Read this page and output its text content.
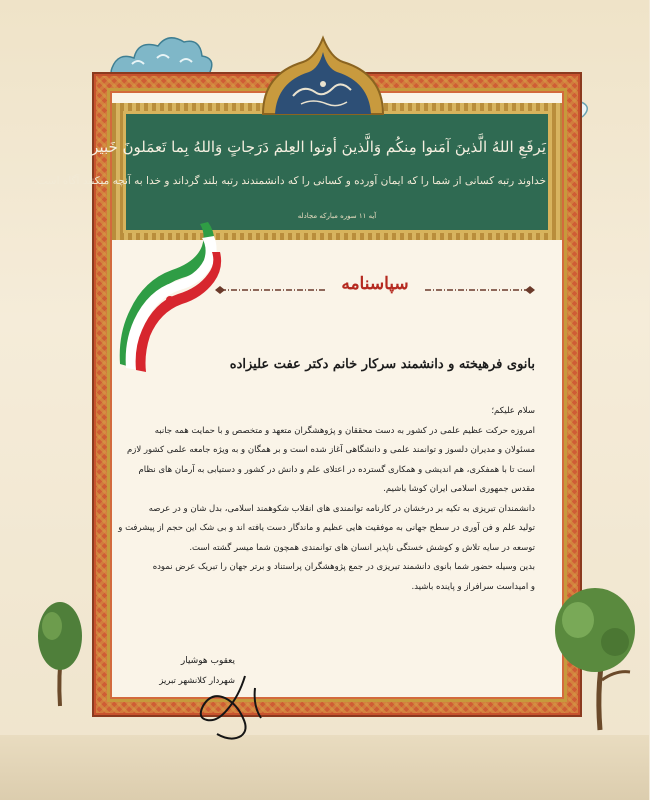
يَرفَعِ اللهُ الَّذينَ آمَنوا مِنكُم وَالَّذينَ أوتوا العِلمَ دَرَجاتٍ وَاللهُ بِما تَعمَلونَ خَبير
خداوند رتبه کسانی از شما را که ایمان آورده و کسانی را که دانشمندند رتبه بلند گرداند و خدا به آنچه میکنید آگاه است.
آیه ۱۱ سوره مبارکه مجادله
سپاسنامه
بانوی فرهیخته و دانشمند سرکار خانم دکتر عفت علیزاده
سلام علیکم؛
امروزه حرکت عظیم علمی در کشور به دست محققان و پژوهشگران متعهد و متخصص و با حمایت همه جانبه
مسئولان و مدیران دلسوز و توانمند علمی و دانشگاهی آغاز شده است و بر همگان و به ویژه جامعه علمی کشور لازم
است تا با همفکری، هم اندیشی و همکاری گسترده در اعتلای علم و دانش در کشور و دستیابی به آرمان های نظام
مقدس جمهوری اسلامی ایران کوشا باشیم.
دانشمندان تبریزی به تکیه بر درخشان در کارنامه توانمندی های انقلاب شکوهمند اسلامی، بدل شان و در عرصه
تولید علم و فن آوری در سطح جهانی به موفقیت هایی عظیم و ماندگار دست یافته اند و بی شک این حجم از پیشرفت و
توسعه در سایه تلاش و کوشش خستگی ناپذیر انسان های توانمندی همچون شما میسر گشته است.
بدین وسیله حضور شما بانوی دانشمند تبریزی در جمع پژوهشگران پراستناد و برتر جهان را تبریک عرض نموده
و امیداست سرافراز و پاینده باشید.
یعقوب هوشیار
شهردار کلانشهر تبریز
